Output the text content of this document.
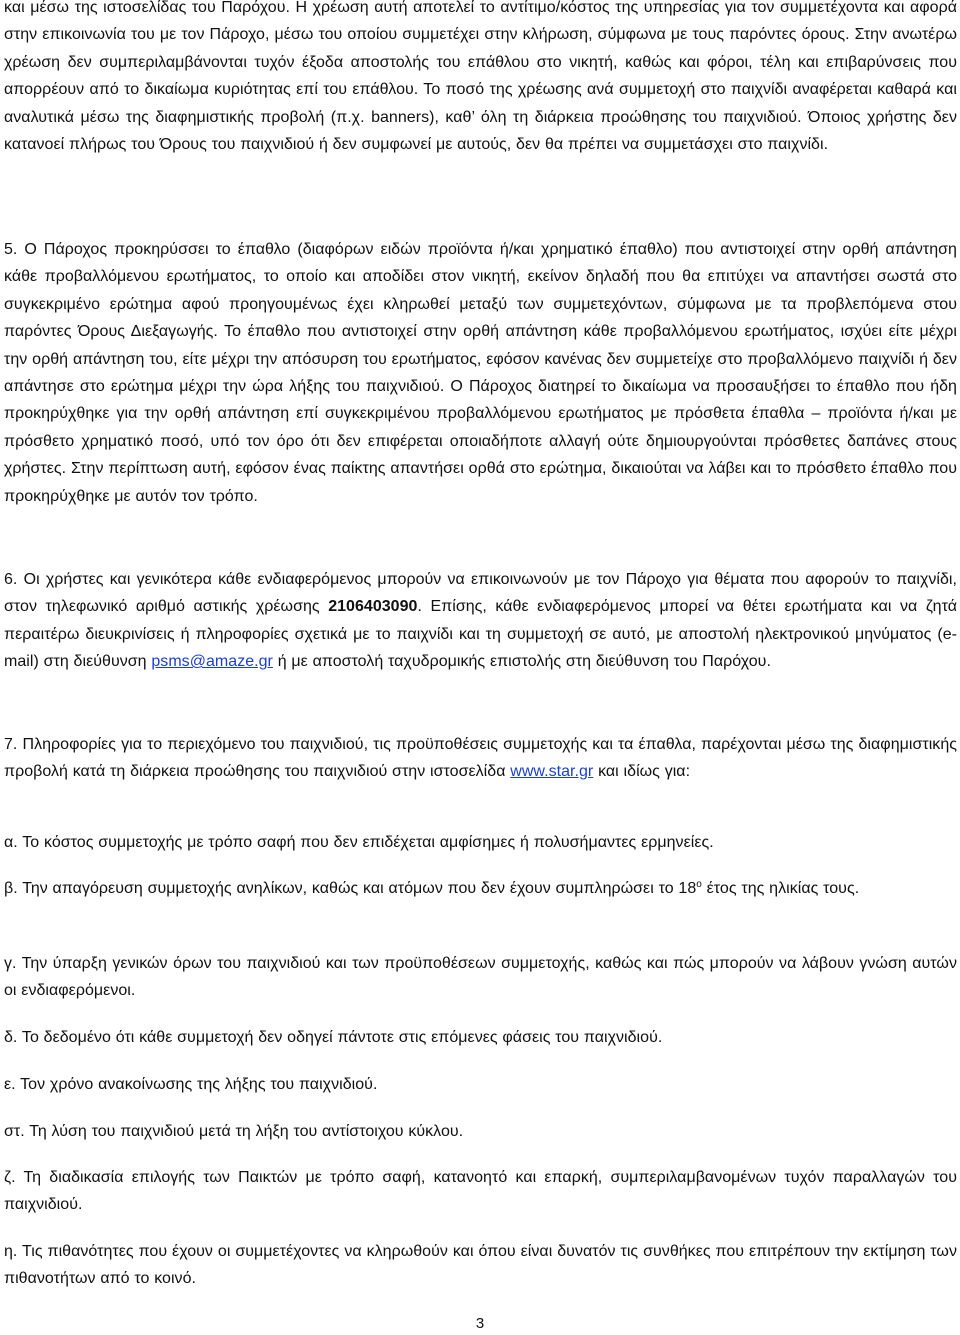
και μέσω της ιστοσελίδας του Παρόχου. Η χρέωση αυτή αποτελεί το αντίτιμο/κόστος της υπηρεσίας για τον συμμετέχοντα και αφορά στην επικοινωνία του με τον Πάροχο, μέσω του οποίου συμμετέχει στην κλήρωση, σύμφωνα με τους παρόντες όρους. Στην ανωτέρω χρέωση δεν συμπεριλαμβάνονται τυχόν έξοδα αποστολής του επάθλου στο νικητή, καθώς και φόροι, τέλη και επιβαρύνσεις που απορρέουν από το δικαίωμα κυριότητας επί του επάθλου. Το ποσό της χρέωσης ανά συμμετοχή στο παιχνίδι αναφέρεται καθαρά και αναλυτικά μέσω της διαφημιστικής προβολή (π.χ. banners), καθ’ όλη τη διάρκεια προώθησης του παιχνιδιού. Όποιος χρήστης δεν κατανοεί πλήρως του Όρους του παιχνιδιού ή δεν συμφωνεί με αυτούς, δεν θα πρέπει να συμμετάσχει στο παιχνίδι.

5. Ο Πάροχος προκηρύσσει το έπαθλο (διαφόρων ειδών προϊόντα ή/και χρηματικό έπαθλο) που αντιστοιχεί στην ορθή απάντηση κάθε προβαλλόμενου ερωτήματος, το οποίο και αποδίδει στον νικητή, εκείνον δηλαδή που θα επιτύχει να απαντήσει σωστά στο συγκεκριμένο ερώτημα αφού προηγουμένως έχει κληρωθεί μεταξύ των συμμετεχόντων, σύμφωνα με τα προβλεπόμενα στου παρόντες Όρους Διεξαγωγής. Το έπαθλο που αντιστοιχεί στην ορθή απάντηση κάθε προβαλλόμενου ερωτήματος, ισχύει είτε μέχρι την ορθή απάντηση του, είτε μέχρι την απόσυρση του ερωτήματος, εφόσον κανένας δεν συμμετείχε στο προβαλλόμενο παιχνίδι ή δεν απάντησε στο ερώτημα μέχρι την ώρα λήξης του παιχνιδιού. Ο Πάροχος διατηρεί το δικαίωμα να προσαυξήσει το έπαθλο που ήδη προκηρύχθηκε για την ορθή απάντηση επί συγκεκριμένου προβαλλόμενου ερωτήματος με πρόσθετα έπαθλα – προϊόντα ή/και με πρόσθετο χρηματικό ποσό, υπό τον όρο ότι δεν επιφέρεται οποιαδήποτε αλλαγή ούτε δημιουργούνται πρόσθετες δαπάνες στους χρήστες. Στην περίπτωση αυτή, εφόσον ένας παίκτης απαντήσει ορθά στο ερώτημα, δικαιούται να λάβει και το πρόσθετο έπαθλο που προκηρύχθηκε με αυτόν τον τρόπο.

6. Οι χρήστες και γενικότερα κάθε ενδιαφερόμενος μπορούν να επικοινωνούν με τον Πάροχο για θέματα που αφορούν το παιχνίδι, στον τηλεφωνικό αριθμό αστικής χρέωσης 2106403090. Επίσης, κάθε ενδιαφερόμενος μπορεί να θέτει ερωτήματα και να ζητά περαιτέρω διευκρινίσεις ή πληροφορίες σχετικά με το παιχνίδι και τη συμμετοχή σε αυτό, με αποστολή ηλεκτρονικού μηνύματος (e-mail) στη διεύθυνση psms@amaze.gr ή με αποστολή ταχυδρομικής επιστολής στη διεύθυνση του Παρόχου.

7. Πληροφορίες για το περιεχόμενο του παιχνιδιού, τις προϋποθέσεις συμμετοχής και τα έπαθλα, παρέχονται μέσω της διαφημιστικής προβολή κατά τη διάρκεια προώθησης του παιχνιδιού στην ιστοσελίδα www.star.gr και ιδίως για:

α. Το κόστος συμμετοχής με τρόπο σαφή που δεν επιδέχεται αμφίσημες ή πολυσήμαντες ερμηνείες.

β. Την απαγόρευση συμμετοχής ανηλίκων, καθώς και ατόμων που δεν έχουν συμπληρώσει το $18^o$ έτος της ηλικίας τους.

γ. Την ύπαρξη γενικών όρων του παιχνιδιού και των προϋποθέσεων συμμετοχής, καθώς και πώς μπορούν να λάβουν γνώση αυτών οι ενδιαφερόμενοι.

δ. Το δεδομένο ότι κάθε συμμετοχή δεν οδηγεί πάντοτε στις επόμενες φάσεις του παιχνιδιού.

ε. Τον χρόνο ανακοίνωσης της λήξης του παιχνιδιού.

στ. Τη λύση του παιχνιδιού μετά τη λήξη του αντίστοιχου κύκλου.

ζ. Τη διαδικασία επιλογής των Παικτών με τρόπο σαφή, κατανοητό και επαρκή, συμπεριλαμβανομένων τυχόν παραλλαγών του παιχνιδιού.

η. Τις πιθανότητες που έχουν οι συμμετέχοντες να κληρωθούν και όπου είναι δυνατόν τις συνθήκες που επιτρέπουν την εκτίμηση των πιθανοτήτων από το κοινό.

3
